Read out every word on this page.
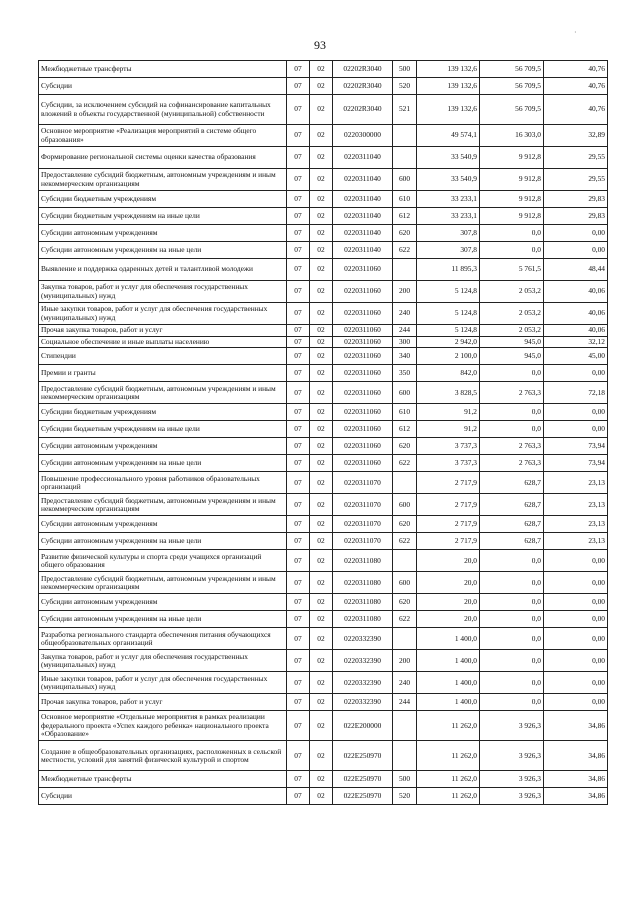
93
·
Межбюджетные трансферты	07	02	02202R3040	500	139 132,6	56 709,5	40,76
Субсидии	07	02	02202R3040	520	139 132,6	56 709,5	40,76
Субсидии, за исключением субсидий на софинансирование капитальных вложений в объекты государственной (муниципальной) собственности	07	02	02202R3040	521	139 132,6	56 709,5	40,76
Основное мероприятие «Реализация мероприятий в системе общего образования»	07	02	0220300000		49 574,1	16 303,0	32,89
Формирование региональной системы оценки качества образования	07	02	0220311040		33 540,9	9 912,8	29,55
Предоставление субсидий бюджетным, автономным учреждениям и иным некоммерческим организациям	07	02	0220311040	600	33 540,9	9 912,8	29,55
Субсидии бюджетным учреждениям	07	02	0220311040	610	33 233,1	9 912,8	29,83
Субсидии бюджетным учреждениям на иные цели	07	02	0220311040	612	33 233,1	9 912,8	29,83
Субсидии автономным учреждениям	07	02	0220311040	620	307,8	0,0	0,00
Субсидии автономным учреждениям на иные цели	07	02	0220311040	622	307,8	0,0	0,00
Выявление и поддержка одаренных детей и талантливой молодежи	07	02	0220311060		11 895,3	5 761,5	48,44
Закупка товаров, работ и услуг для обеспечения государственных (муниципальных) нужд	07	02	0220311060	200	5 124,8	2 053,2	40,06
Иные закупки товаров, работ и услуг для обеспечения государственных (муниципальных) нужд	07	02	0220311060	240	5 124,8	2 053,2	40,06
Прочая закупка товаров, работ и услуг	07	02	0220311060	244	5 124,8	2 053,2	40,06
Социальное обеспечение и иные выплаты населению	07	02	0220311060	300	2 942,0	945,0	32,12
Стипендии	07	02	0220311060	340	2 100,0	945,0	45,00
Премии и гранты	07	02	0220311060	350	842,0	0,0	0,00
Предоставление субсидий бюджетным, автономным учреждениям и иным некоммерческим организациям	07	02	0220311060	600	3 828,5	2 763,3	72,18
Субсидии бюджетным учреждениям	07	02	0220311060	610	91,2	0,0	0,00
Субсидии бюджетным учреждениям на иные цели	07	02	0220311060	612	91,2	0,0	0,00
Субсидии автономным учреждениям	07	02	0220311060	620	3 737,3	2 763,3	73,94
Субсидии автономным учреждениям на иные цели	07	02	0220311060	622	3 737,3	2 763,3	73,94
Повышение профессионального уровня работников образовательных организаций	07	02	0220311070		2 717,9	628,7	23,13
Предоставление субсидий бюджетным, автономным учреждениям и иным некоммерческим организациям	07	02	0220311070	600	2 717,9	628,7	23,13
Субсидии автономным учреждениям	07	02	0220311070	620	2 717,9	628,7	23,13
Субсидии автономным учреждениям на иные цели	07	02	0220311070	622	2 717,9	628,7	23,13
Развитие физической культуры и спорта среди учащихся организаций общего образования	07	02	0220311080		20,0	0,0	0,00
Предоставление субсидий бюджетным, автономным учреждениям и иным некоммерческим организациям	07	02	0220311080	600	20,0	0,0	0,00
Субсидии автономным учреждениям	07	02	0220311080	620	20,0	0,0	0,00
Субсидии автономным учреждениям на иные цели	07	02	0220311080	622	20,0	0,0	0,00
Разработка регионального стандарта обеспечения питания обучающихся общеобразовательных организаций	07	02	0220332390		1 400,0	0,0	0,00
Закупка товаров, работ и услуг для обеспечения государственных (муниципальных) нужд	07	02	0220332390	200	1 400,0	0,0	0,00
Иные закупки товаров, работ и услуг для обеспечения государственных (муниципальных) нужд	07	02	0220332390	240	1 400,0	0,0	0,00
Прочая закупка товаров, работ и услуг	07	02	0220332390	244	1 400,0	0,0	0,00
Основное мероприятие «Отдельные мероприятия в рамках реализации федерального проекта «Успех каждого ребенка» национального проекта «Образование»	07	02	022E200000		11 262,0	3 926,3	34,86
Создание в общеобразовательных организациях, расположенных в сельской местности, условий для занятий физической культурой и спортом	07	02	022E250970		11 262,0	3 926,3	34,86
Межбюджетные трансферты	07	02	022E250970	500	11 262,0	3 926,3	34,86
Субсидии	07	02	022E250970	520	11 262,0	3 926,3	34,86
